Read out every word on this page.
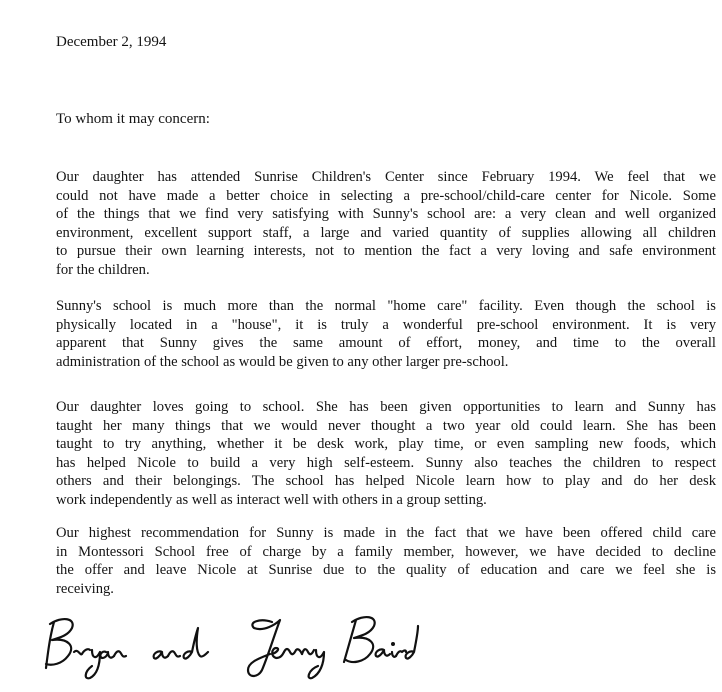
December 2, 1994
To whom it may concern:
Our daughter has attended Sunrise Children's Center since February 1994. We feel that we
could not have made a better choice in selecting a pre-school/child-care center for Nicole. Some
of the things that we find very satisfying with Sunny's school are: a very clean and well organized
environment, excellent support staff, a large and varied quantity of supplies allowing all children
to pursue their own learning interests, not to mention the fact a very loving and safe environment
for the children.
Sunny's school is much more than the normal "home care" facility. Even though the school is
physically located in a "house", it is truly a wonderful pre-school environment. It is very
apparent that Sunny gives the same amount of effort, money, and time to the overall
administration of the school as would be given to any other larger pre-school.
Our daughter loves going to school. She has been given opportunities to learn and Sunny has
taught her many things that we would never thought a two year old could learn. She has been
taught to try anything, whether it be desk work, play time, or even sampling new foods, which
has helped Nicole to build a very high self-esteem. Sunny also teaches the children to respect
others and their belongings. The school has helped Nicole learn how to play and do her desk
work independently as well as interact well with others in a group setting.
Our highest recommendation for Sunny is made in the fact that we have been offered child care
in Montessori School free of charge by a family member, however, we have decided to decline
the offer and leave Nicole at Sunrise due to the quality of education and care we feel she is
receiving.
